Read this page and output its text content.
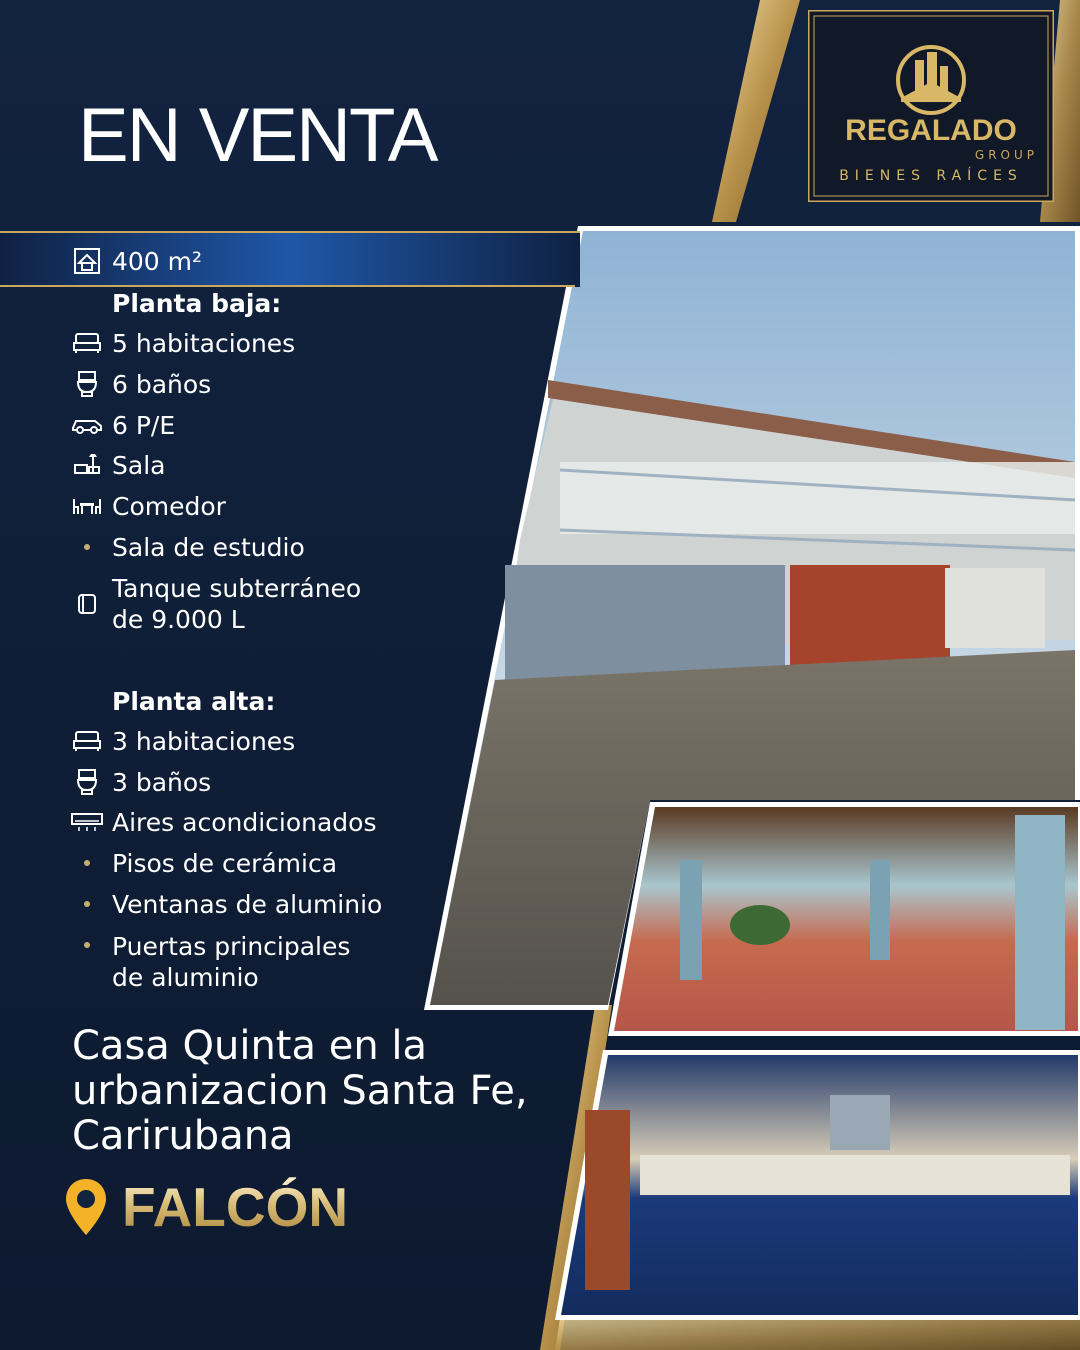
EN VENTA	REGALADO
GROUP
BIENES RAÍCES
400 m²
Planta baja:
5 habitaciones
6 baños
6 P/E
Sala
Comedor
Sala de estudio
Tanque subterráneo
de 9.000 L
Planta alta:
3 habitaciones
3 baños
Aires acondicionados
Pisos de cerámica
Ventanas de aluminio
Puertas principales
de aluminio
Casa Quinta en la
urbanizacion Santa Fe,
Carirubana
FALCÓN
